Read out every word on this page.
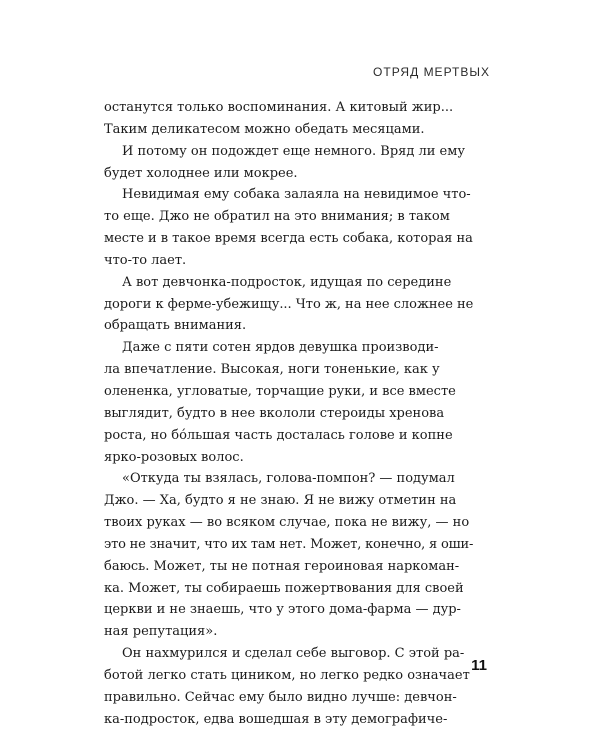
ОТРЯД МЕРТВЫХ
останутся только воспоминания. А китовый жир...
Таким деликатесом можно обедать месяцами.
И потому он подождет еще немного. Вряд ли ему
будет холоднее или мокрее.
Невидимая ему собака залаяла на невидимое что-
то еще. Джо не обратил на это внимания; в таком
месте и в такое время всегда есть собака, которая на
что-то лает.
А вот девчонка-подросток, идущая по середине
дороги к ферме-убежищу... Что ж, на нее сложнее не
обращать внимания.
Даже с пяти сотен ярдов девушка производи-
ла впечатление. Высокая, ноги тоненькие, как у
олененка, угловатые, торчащие руки, и все вместе
выглядит, будто в нее вкололи стероиды хренова
роста, но бо́льшая часть досталась голове и копне
ярко-розовых волос.
«Откуда ты взялась, голова-помпон? — подумал
Джо. — Ха, будто я не знаю. Я не вижу отметин на
твоих руках — во всяком случае, пока не вижу, — но
это не значит, что их там нет. Может, конечно, я оши-
баюсь. Может, ты не потная героиновая наркоман-
ка. Может, ты собираешь пожертвования для своей
церкви и не знаешь, что у этого дома-фарма — дур-
ная репутация».
Он нахмурился и сделал себе выговор. С этой ра-
ботой легко стать циником, но легко редко означает
правильно. Сейчас ему было видно лучше: девчон-
ка-подросток, едва вошедшая в эту демографиче-
11
